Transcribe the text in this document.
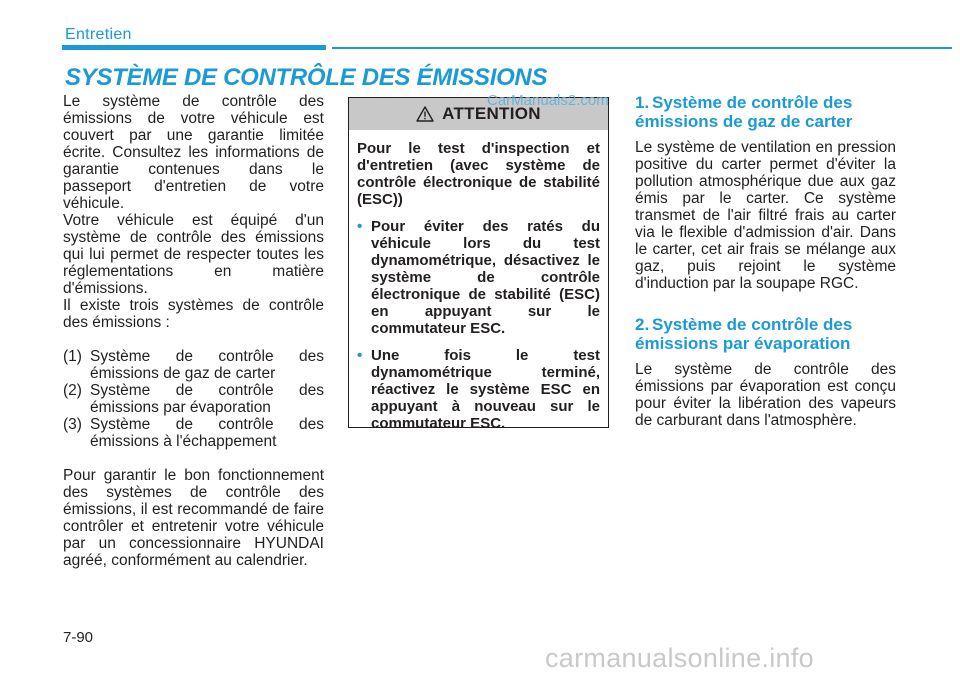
Entretien
SYSTÈME DE CONTRÔLE DES ÉMISSIONS

Le système de contrôle des

émissions de votre véhicule est

couvert par une garantie limitée

écrite. Consultez les informations de

garantie contenues dans le

passeport d'entretien de votre

véhicule.

Votre véhicule est équipé d'un

système de contrôle des émissions

qui lui permet de respecter toutes les

réglementations en matière

d'émissions.

Il existe trois systèmes de contrôle

des émissions :

(1) Système de contrôle des émissions de gaz de carter
(2) Système de contrôle des émissions par évaporation
(3) Système de contrôle des émissions à l'échappement

Pour garantir le bon fonctionnement des systèmes de contrôle des émissions, il est recommandé de faire contrôler et entretenir votre véhicule par un concessionnaire HYUNDAI agréé, conformément au calendrier.

ATTENTION

Pour le test d'inspection et d'entretien (avec système de contrôle électronique de stabilité (ESC))

• Pour éviter des ratés du véhicule lors du test dynamométrique, désactivez le système de contrôle électronique de stabilité (ESC) en appuyant sur le commutateur ESC.
• Une fois le test dynamométrique terminé, réactivez le système ESC en appuyant à nouveau sur le commutateur ESC.
CarManuals2.com 1. Système de contrôle des émissions de gaz de carter

Le système de ventilation en pression positive du carter permet d'éviter la pollution atmosphérique due aux gaz émis par le carter. Ce système transmet de l'air filtré frais au carter via le flexible d'admission d'air. Dans le carter, cet air frais se mélange aux gaz, puis rejoint le système d'induction par la soupape RGC.

2. Système de contrôle des émissions par évaporation

Le système de contrôle des émissions par évaporation est conçu pour éviter la libération des vapeurs de carburant dans l'atmosphère.

7-90
carmanualsonline.info
